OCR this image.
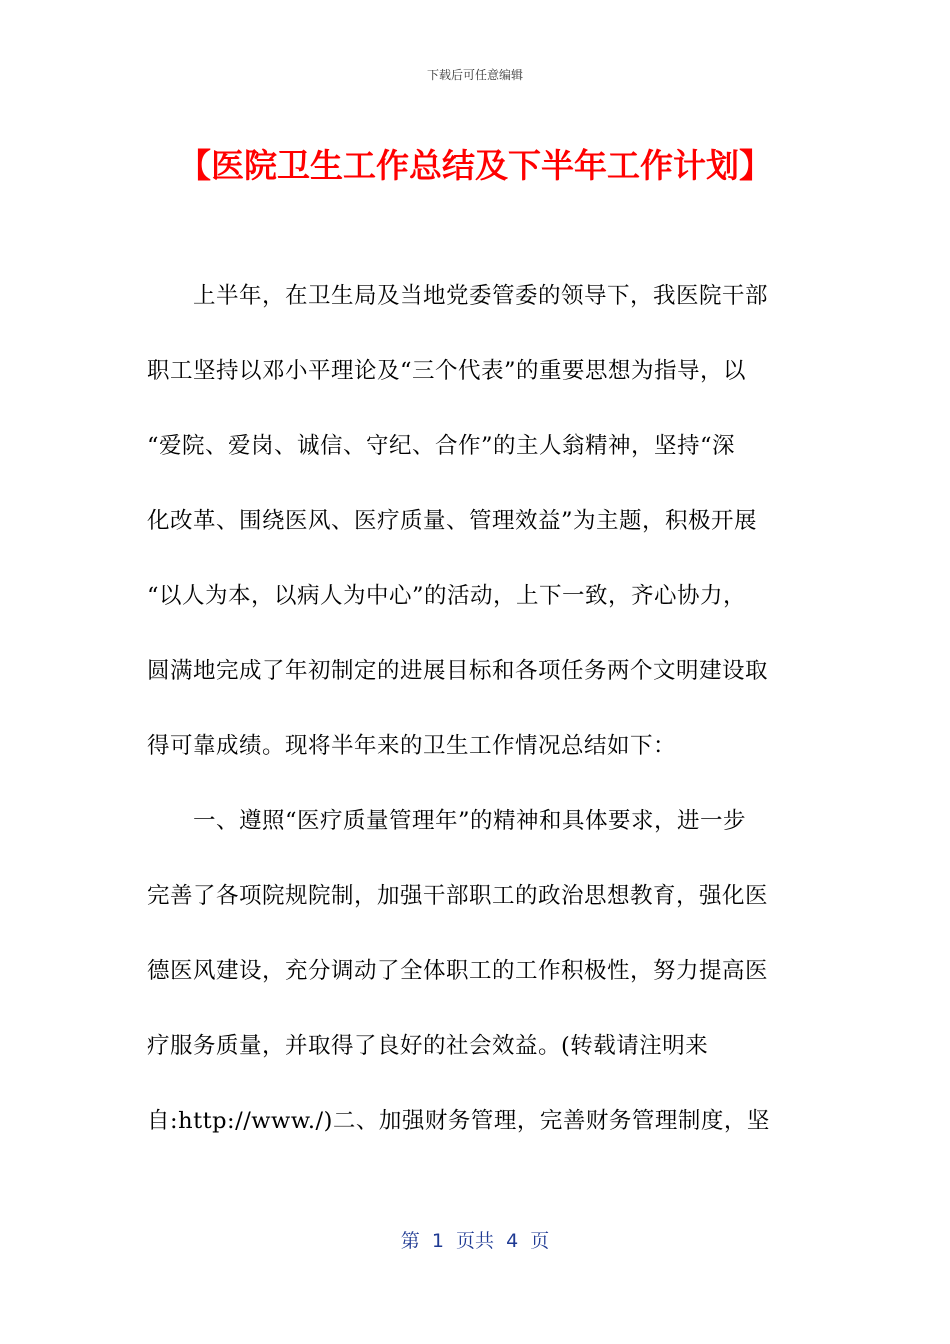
下载后可任意编辑
【医院卫生工作总结及下半年工作计划】
上半年，在卫生局及当地党委管委的领导下，我医院干部
职工坚持以邓小平理论及“三个代表”的重要思想为指导，以
“爱院、爱岗、诚信、守纪、合作”的主人翁精神，坚持“深
化改革、围绕医风、医疗质量、管理效益”为主题，积极开展
“以人为本，以病人为中心”的活动，上下一致，齐心协力，
圆满地完成了年初制定的进展目标和各项任务两个文明建设取
得可靠成绩。现将半年来的卫生工作情况总结如下：
一、遵照“医疗质量管理年”的精神和具体要求，进一步
完善了各项院规院制，加强干部职工的政治思想教育，强化医
德医风建设，充分调动了全体职工的工作积极性，努力提高医
疗服务质量，并取得了良好的社会效益。(转载请注明来
自:http://www./)二、加强财务管理，完善财务管理制度，坚
第  1  页共  4  页
